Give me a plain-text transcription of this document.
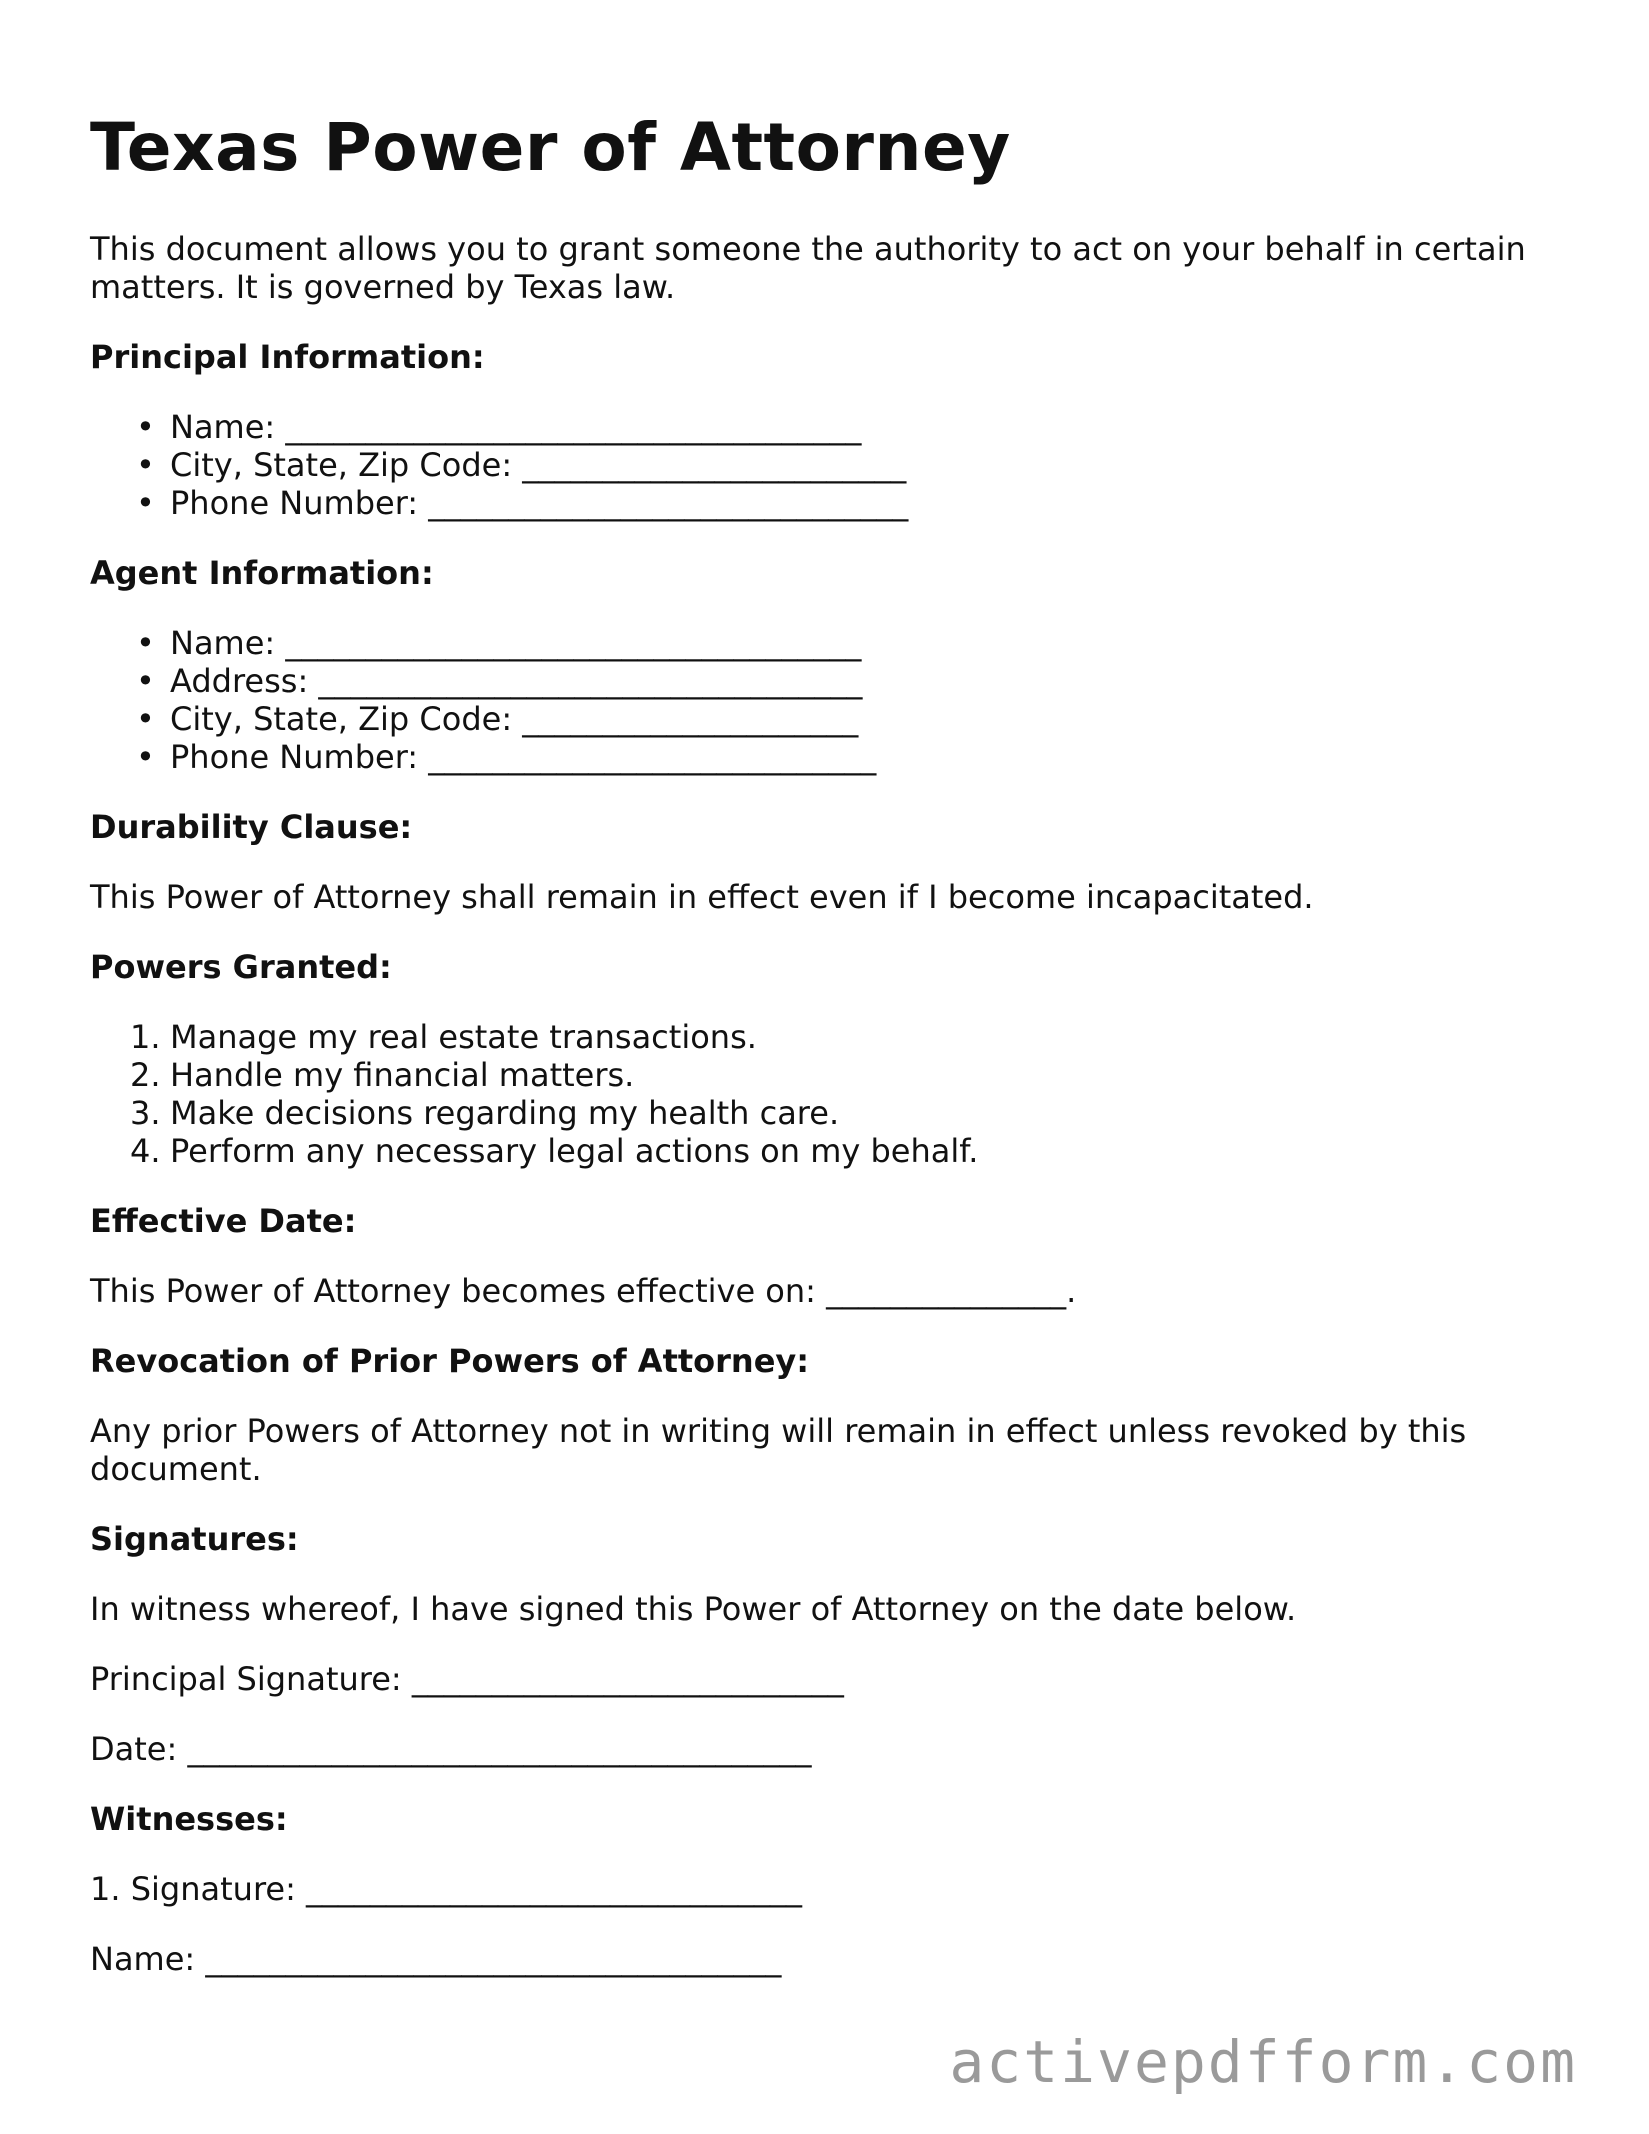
Texas Power of Attorney

This document allows you to grant someone the authority to act on your behalf in certain matters. It is governed by Texas law.

Principal Information:
• Name: ____________________________________
• City, State, Zip Code: ________________________
• Phone Number: ______________________________
Agent Information:
• Name: ____________________________________
• Address: __________________________________
• City, State, Zip Code: _____________________
• Phone Number: ____________________________
Durability Clause:

This Power of Attorney shall remain in effect even if I become incapacitated.

Powers Granted:
1. Manage my real estate transactions.
2. Handle my financial matters.
3. Make decisions regarding my health care.
4. Perform any necessary legal actions on my behalf.
Effective Date:

This Power of Attorney becomes effective on: _______________.

Revocation of Prior Powers of Attorney:

Any prior Powers of Attorney not in writing will remain in effect unless revoked by this document.

Signatures:

In witness whereof, I have signed this Power of Attorney on the date below.

Principal Signature: ___________________________

Date: _______________________________________

Witnesses:

1. Signature: _______________________________

Name: ____________________________________

activepdfform.com
